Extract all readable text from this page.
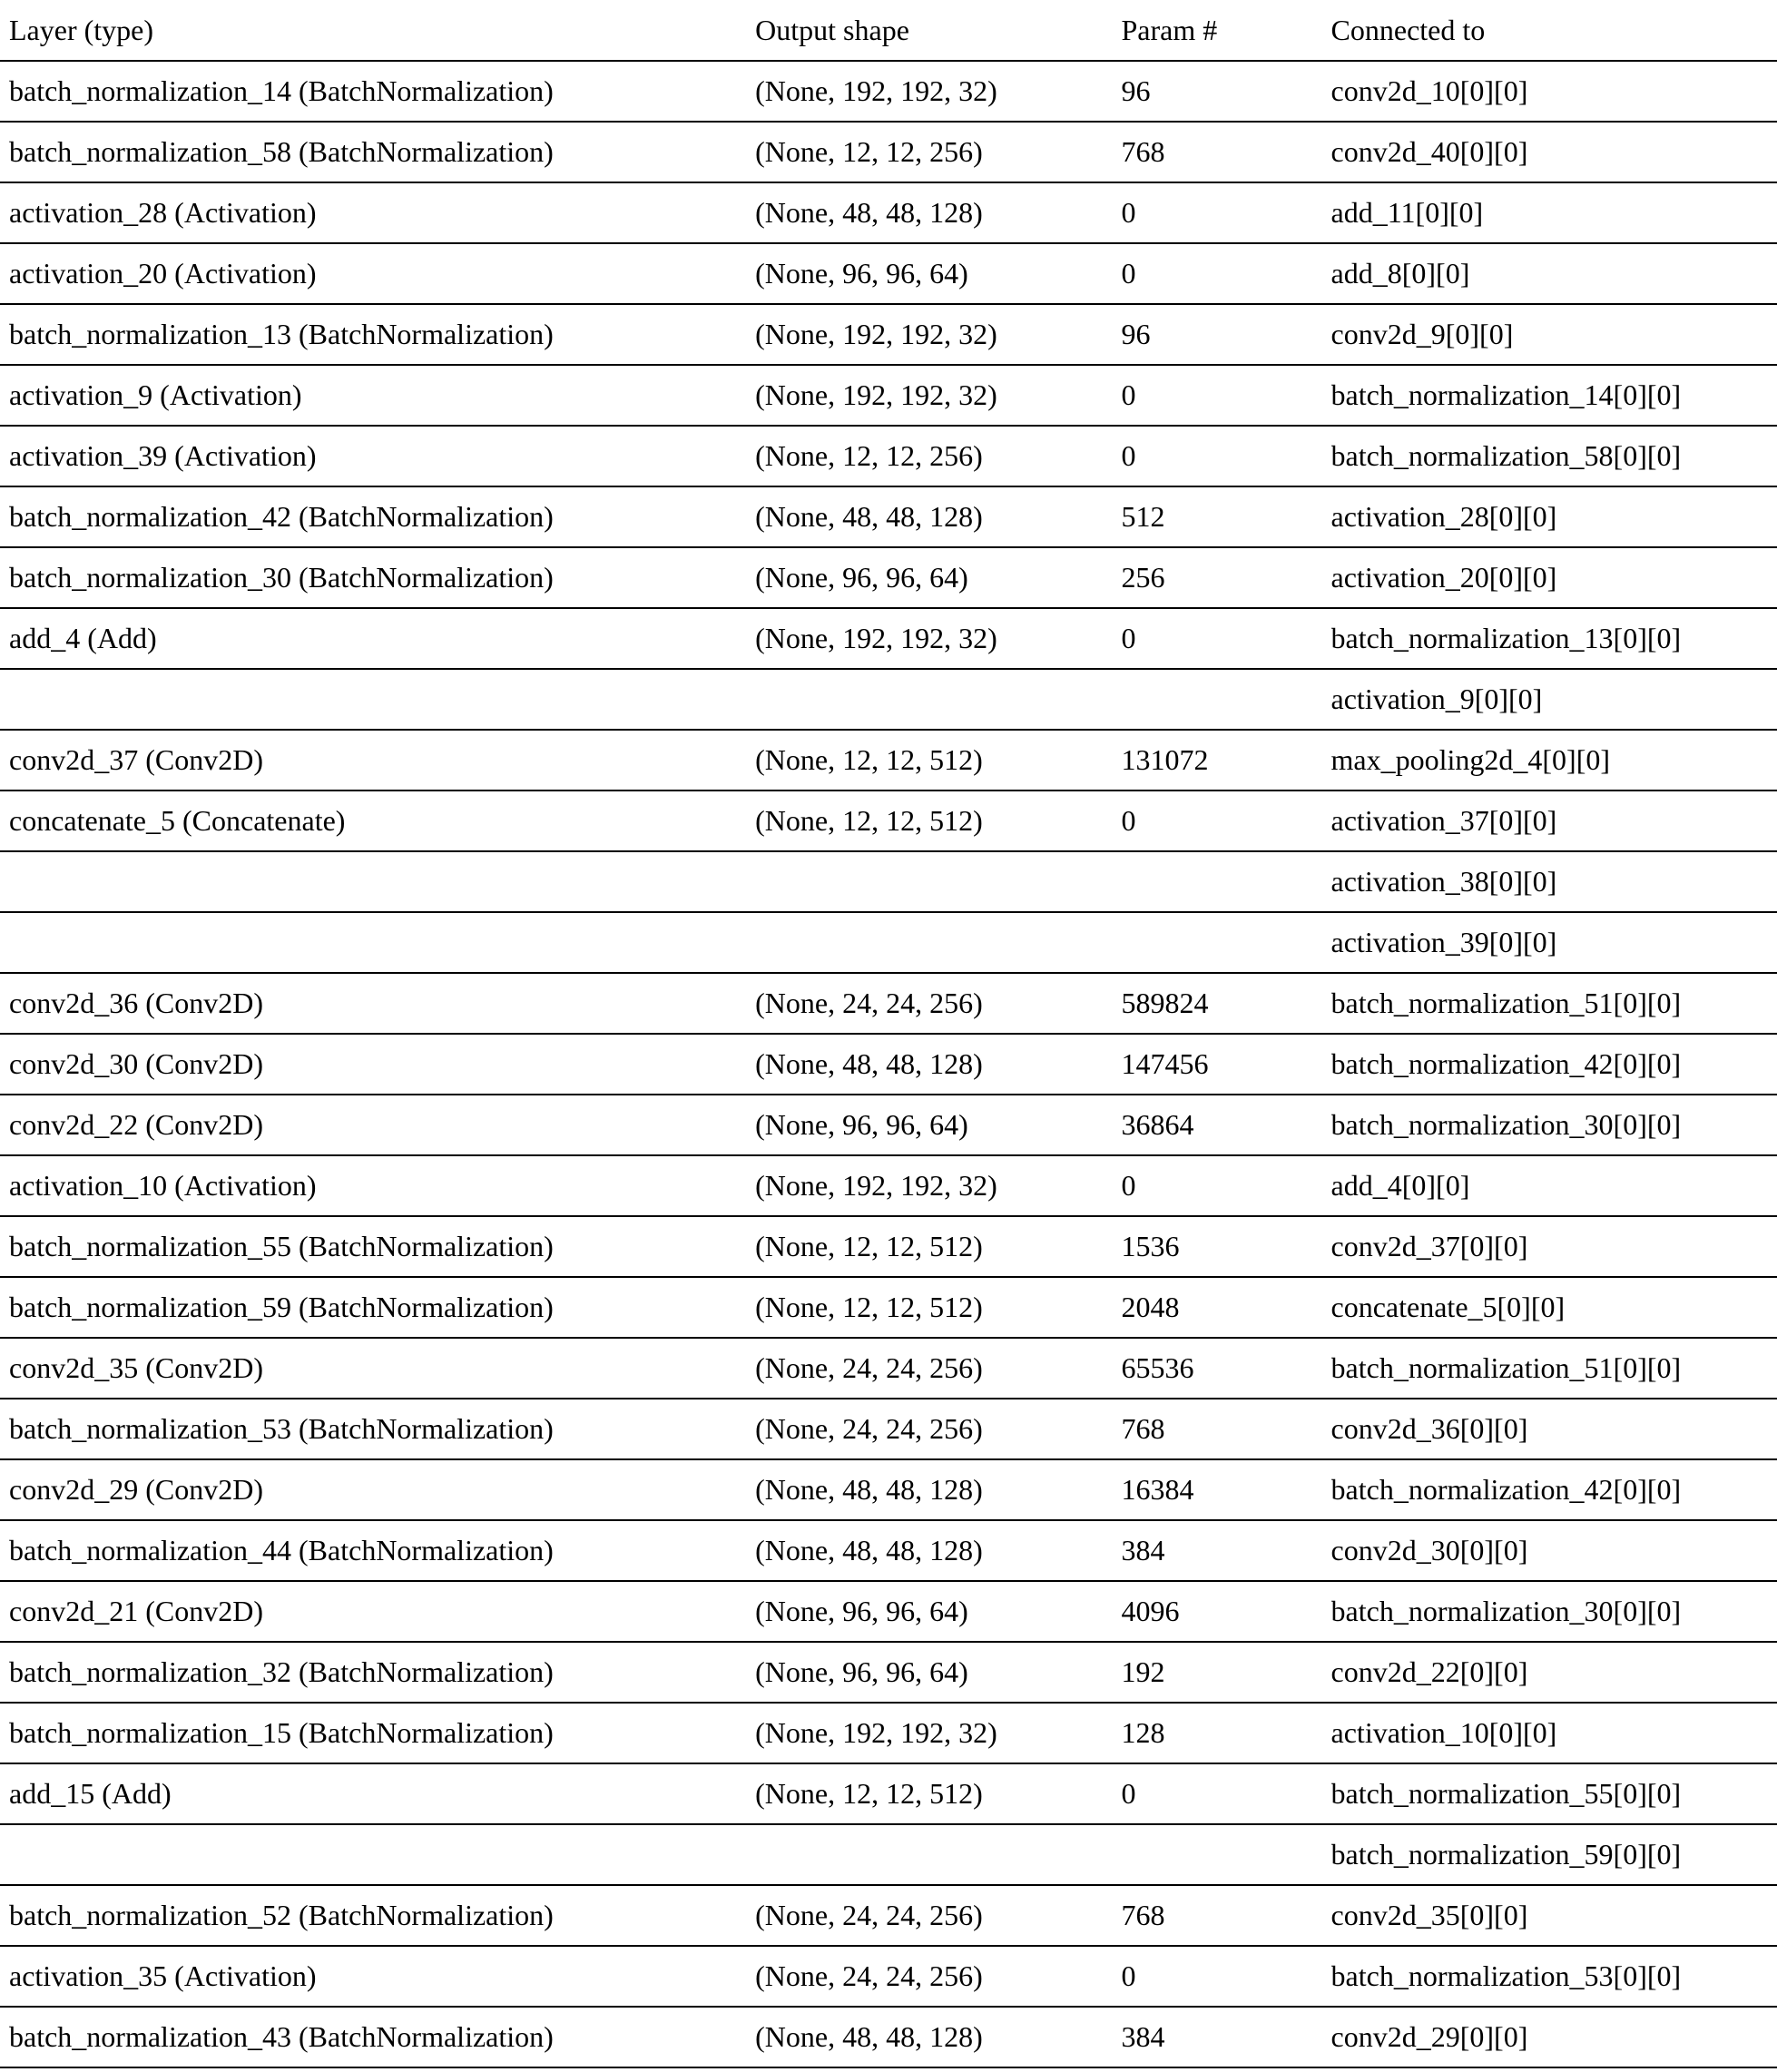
Layer (type)	Output shape	Param #	Connected to
batch_normalization_14 (BatchNormalization)	(None, 192, 192, 32)	96	conv2d_10[0][0]
batch_normalization_58 (BatchNormalization)	(None, 12, 12, 256)	768	conv2d_40[0][0]
activation_28 (Activation)	(None, 48, 48, 128)	0	add_11[0][0]
activation_20 (Activation)	(None, 96, 96, 64)	0	add_8[0][0]
batch_normalization_13 (BatchNormalization)	(None, 192, 192, 32)	96	conv2d_9[0][0]
activation_9 (Activation)	(None, 192, 192, 32)	0	batch_normalization_14[0][0]
activation_39 (Activation)	(None, 12, 12, 256)	0	batch_normalization_58[0][0]
batch_normalization_42 (BatchNormalization)	(None, 48, 48, 128)	512	activation_28[0][0]
batch_normalization_30 (BatchNormalization)	(None, 96, 96, 64)	256	activation_20[0][0]
add_4 (Add)	(None, 192, 192, 32)	0	batch_normalization_13[0][0]
			activation_9[0][0]
conv2d_37 (Conv2D)	(None, 12, 12, 512)	131072	max_pooling2d_4[0][0]
concatenate_5 (Concatenate)	(None, 12, 12, 512)	0	activation_37[0][0]
			activation_38[0][0]
			activation_39[0][0]
conv2d_36 (Conv2D)	(None, 24, 24, 256)	589824	batch_normalization_51[0][0]
conv2d_30 (Conv2D)	(None, 48, 48, 128)	147456	batch_normalization_42[0][0]
conv2d_22 (Conv2D)	(None, 96, 96, 64)	36864	batch_normalization_30[0][0]
activation_10 (Activation)	(None, 192, 192, 32)	0	add_4[0][0]
batch_normalization_55 (BatchNormalization)	(None, 12, 12, 512)	1536	conv2d_37[0][0]
batch_normalization_59 (BatchNormalization)	(None, 12, 12, 512)	2048	concatenate_5[0][0]
conv2d_35 (Conv2D)	(None, 24, 24, 256)	65536	batch_normalization_51[0][0]
batch_normalization_53 (BatchNormalization)	(None, 24, 24, 256)	768	conv2d_36[0][0]
conv2d_29 (Conv2D)	(None, 48, 48, 128)	16384	batch_normalization_42[0][0]
batch_normalization_44 (BatchNormalization)	(None, 48, 48, 128)	384	conv2d_30[0][0]
conv2d_21 (Conv2D)	(None, 96, 96, 64)	4096	batch_normalization_30[0][0]
batch_normalization_32 (BatchNormalization)	(None, 96, 96, 64)	192	conv2d_22[0][0]
batch_normalization_15 (BatchNormalization)	(None, 192, 192, 32)	128	activation_10[0][0]
add_15 (Add)	(None, 12, 12, 512)	0	batch_normalization_55[0][0]
			batch_normalization_59[0][0]
batch_normalization_52 (BatchNormalization)	(None, 24, 24, 256)	768	conv2d_35[0][0]
activation_35 (Activation)	(None, 24, 24, 256)	0	batch_normalization_53[0][0]
batch_normalization_43 (BatchNormalization)	(None, 48, 48, 128)	384	conv2d_29[0][0]
